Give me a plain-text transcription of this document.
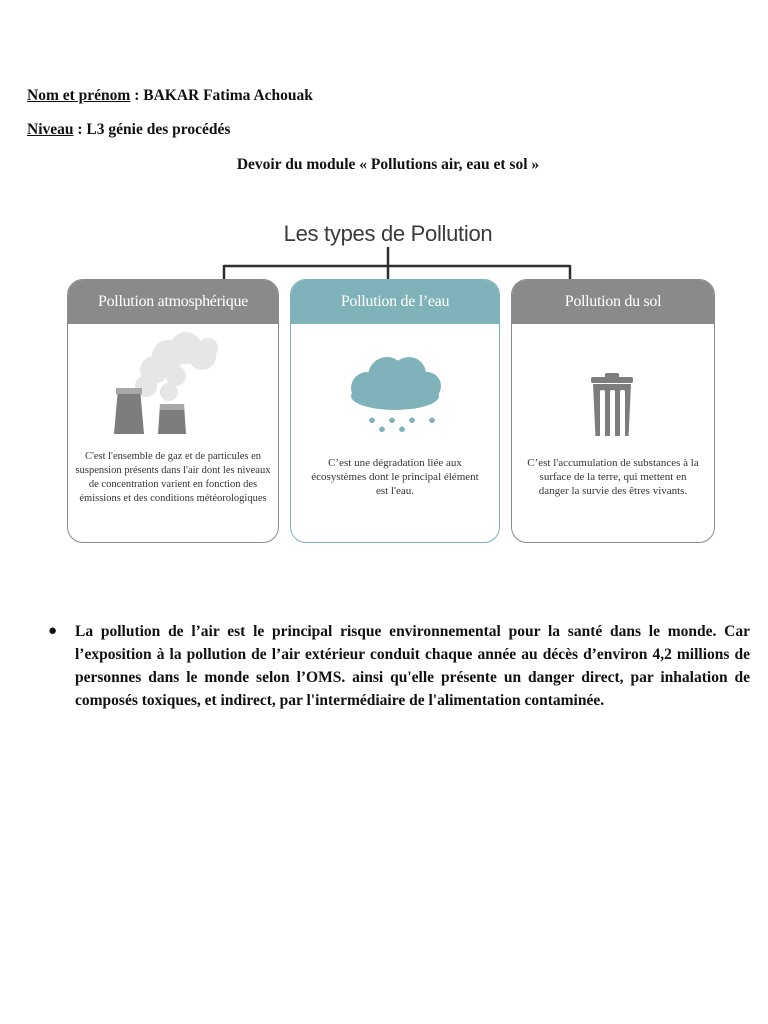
Nom et prénom : BAKAR Fatima Achouak
Niveau : L3 génie des procédés
Devoir du module « Pollutions air, eau et sol »
Les types de Pollution
Pollution atmosphérique
C'est l'ensemble de gaz et de particules en suspension présents dans l'air dont les niveaux de concentration varient en fonction des émissions et des conditions météorologiques
Pollution de l’eau
C’est une dégradation liée aux écosystèmes dont le principal élément est l'eau.
Pollution du sol
C’est l'accumulation de substances à la surface de la terre, qui mettent en danger la survie des êtres vivants.
● La pollution de l’air est le principal risque environnemental pour la santé dans le monde. Car l’exposition à la pollution de l’air extérieur conduit chaque année au décès d’environ 4,2 millions de personnes dans le monde selon l’OMS. ainsi qu'elle présente un danger direct, par inhalation de composés toxiques, et indirect, par l'intermédiaire de l'alimentation contaminée.
